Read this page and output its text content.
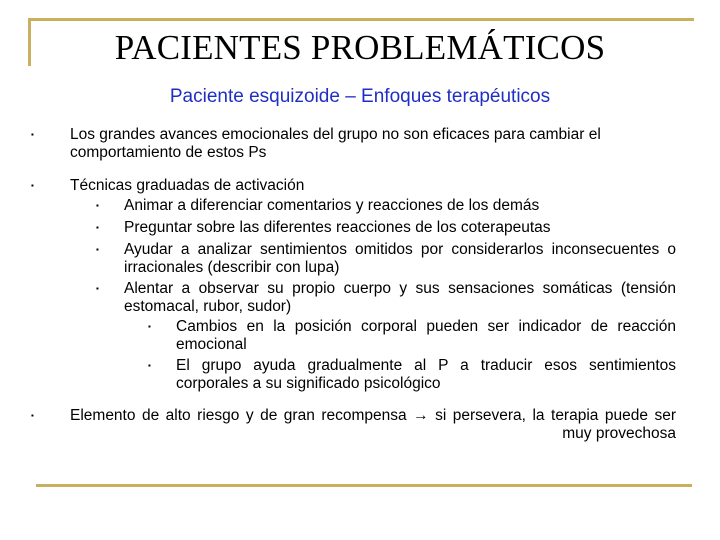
PACIENTES PROBLEMÁTICOS
Paciente esquizoide – Enfoques terapéuticos
▪ Los grandes avances emocionales del grupo no son eficaces para cambiar el comportamiento de estos Ps
▪ Técnicas graduadas de activación
▪ Animar a diferenciar comentarios y reacciones de los demás
▪ Preguntar sobre las diferentes reacciones de los coterapeutas
▪ Ayudar a analizar sentimientos omitidos por considerarlos inconsecuentes o irracionales (describir con lupa)
▪ Alentar a observar su propio cuerpo y sus sensaciones somáticas (tensión estomacal, rubor, sudor)
▪ Cambios en la posición corporal pueden ser indicador de reacción emocional
▪ El grupo ayuda gradualmente al P a traducir esos sentimientos corporales a su significado psicológico
▪ Elemento de alto riesgo y de gran recompensa → si persevera, la terapia puede ser muy provechosa
